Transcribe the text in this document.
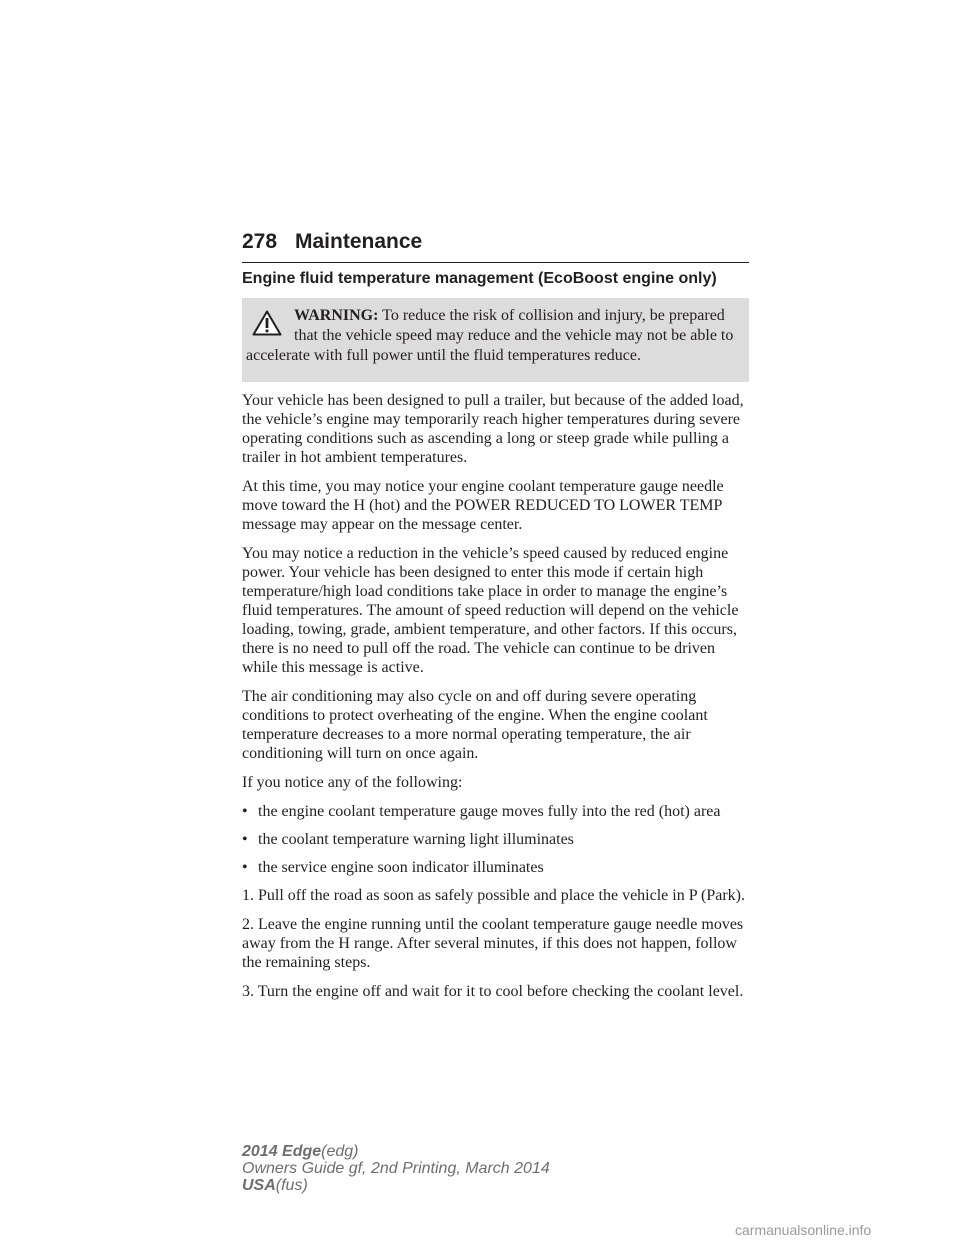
278 Maintenance
Engine fluid temperature management (EcoBoost engine only)
WARNING: To reduce the risk of collision and injury, be prepared that the vehicle speed may reduce and the vehicle may not be able to accelerate with full power until the fluid temperatures reduce.

Your vehicle has been designed to pull a trailer, but because of the added load, the vehicle’s engine may temporarily reach higher temperatures during severe operating conditions such as ascending a long or steep grade while pulling a trailer in hot ambient temperatures.

At this time, you may notice your engine coolant temperature gauge needle move toward the H (hot) and the POWER REDUCED TO LOWER TEMP message may appear on the message center.

You may notice a reduction in the vehicle’s speed caused by reduced engine power. Your vehicle has been designed to enter this mode if certain high temperature/high load conditions take place in order to manage the engine’s fluid temperatures. The amount of speed reduction will depend on the vehicle loading, towing, grade, ambient temperature, and other factors. If this occurs, there is no need to pull off the road. The vehicle can continue to be driven while this message is active.

The air conditioning may also cycle on and off during severe operating conditions to protect overheating of the engine. When the engine coolant temperature decreases to a more normal operating temperature, the air conditioning will turn on once again.

If you notice any of the following:

• the engine coolant temperature gauge moves fully into the red (hot) area
• the coolant temperature warning light illuminates
• the service engine soon indicator illuminates

1. Pull off the road as soon as safely possible and place the vehicle in P (Park).

2. Leave the engine running until the coolant temperature gauge needle moves away from the H range. After several minutes, if this does not happen, follow the remaining steps.

3. Turn the engine off and wait for it to cool before checking the coolant level.

2014 Edge(edg)
Owners Guide gf, 2nd Printing, March 2014
USA(fus)
carmanualsonline.info
